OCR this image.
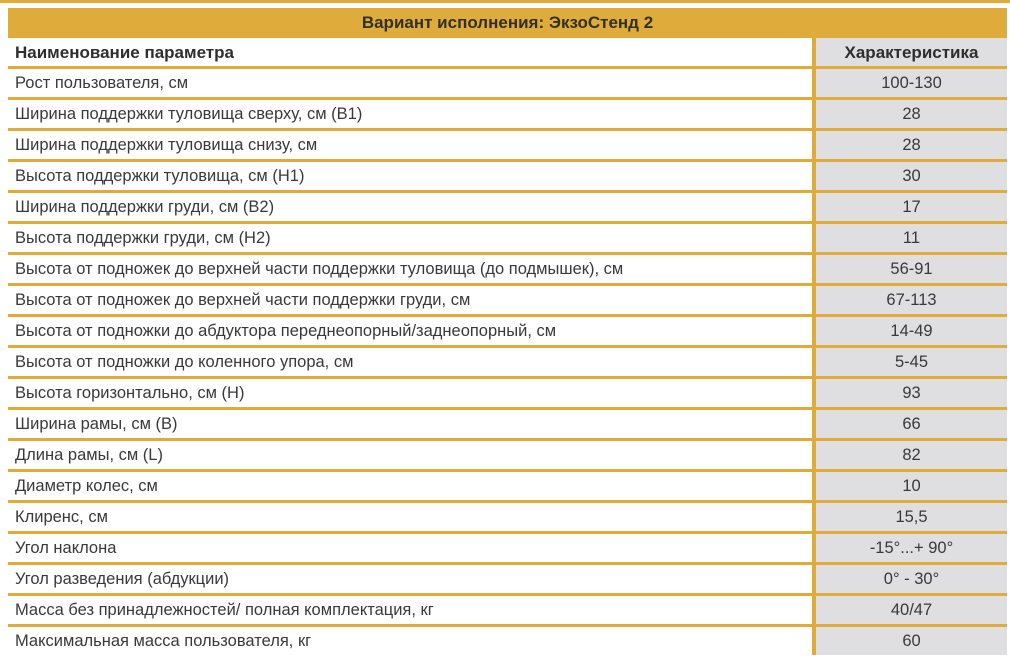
Вариант исполнения: ЭкзоСтенд 2
Наименование параметра	Характеристика
Рост пользователя, см	100-130
Ширина поддержки туловища сверху, см (B1)	28
Ширина поддержки туловища снизу, см	28
Высота поддержки туловища, см (H1)	30
Ширина поддержки груди, см (B2)	17
Высота поддержки груди, см (H2)	11
Высота от подножек до верхней части поддержки туловища (до подмышек), см	56-91
Высота от подножек до верхней части поддержки груди, см	67-113
Высота от подножки до абдуктора переднеопорный/заднеопорный, см	14-49
Высота от подножки до коленного упора, см	5-45
Высота горизонтально, см (H)	93
Ширина рамы, см (B)	66
Длина рамы, см (L)	82
Диаметр колес, см	10
Клиренс, см	15,5
Угол наклона	-15°...+ 90°
Угол разведения (абдукции)	0° - 30°
Масса без принадлежностей/ полная комплектация, кг	40/47
Максимальная масса пользователя, кг	60
